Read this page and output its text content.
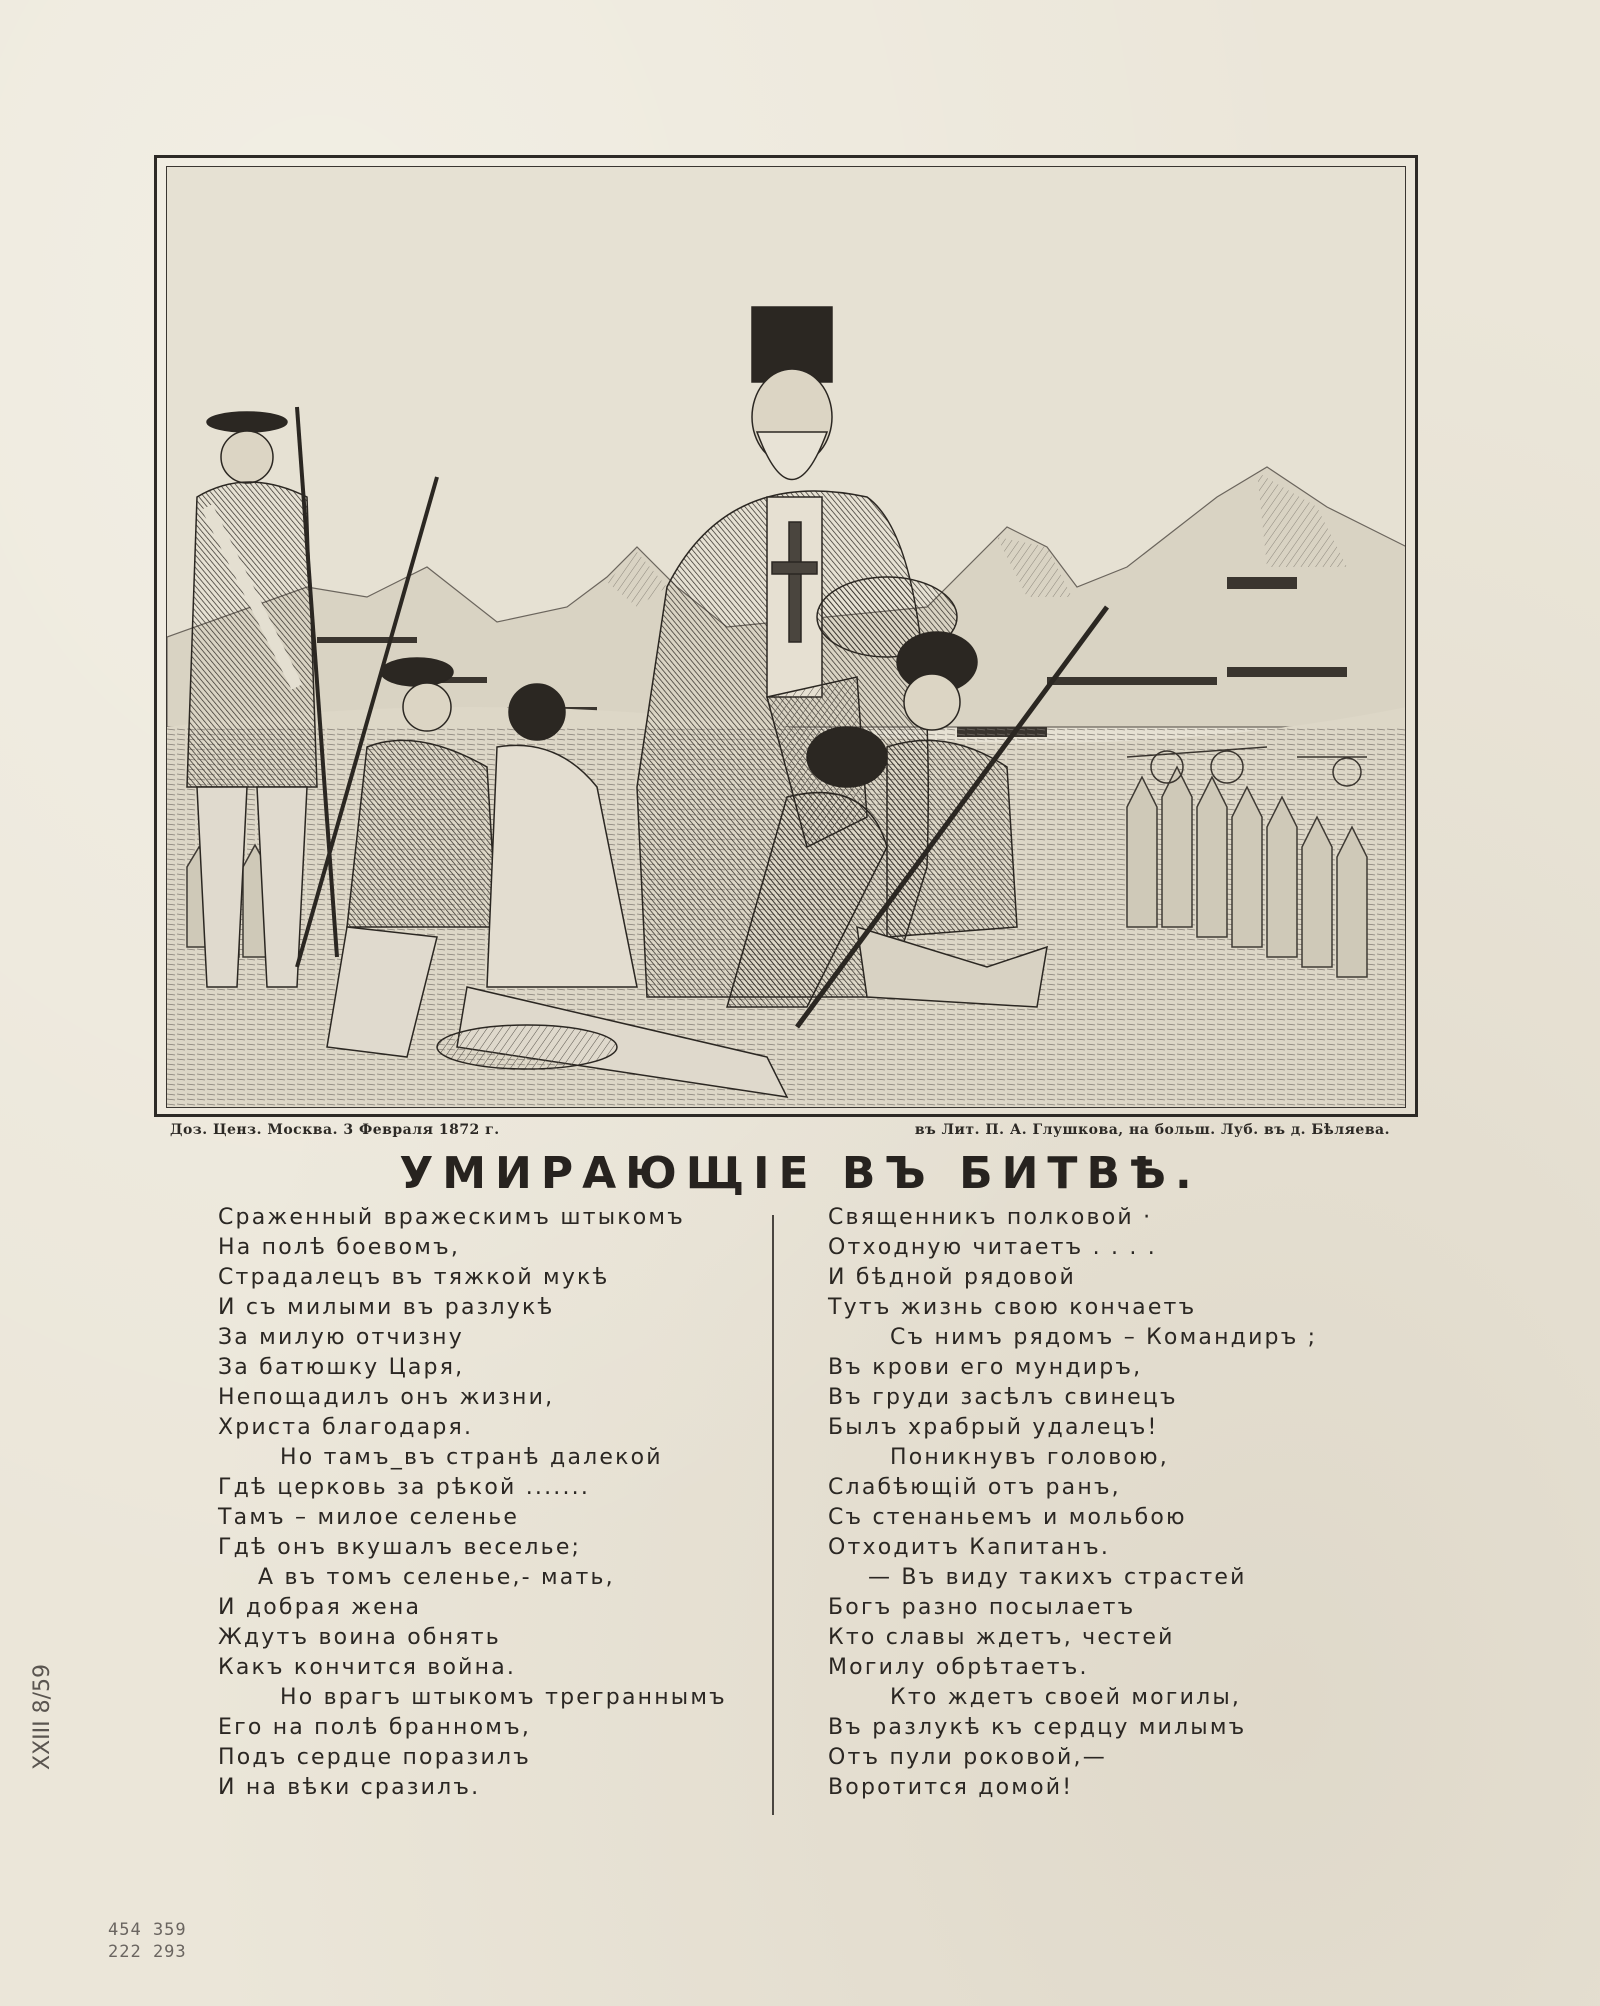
Доз. Ценз. Москва. 3 Февраля 1872 г.	въ Лит. П. А. Глушкова, на больш. Луб. въ д. Бѣляева.
УМИРАЮЩІЕ ВЪ БИТВѢ.
Сраженный вражескимъ штыкомъ
На полѣ боевомъ,
Страдалецъ въ тяжкой мукѣ
И съ милыми въ разлукѣ
За милую отчизну
За батюшку Царя,
Непощадилъ онъ жизни,
Христа благодаря.
Но тамъ_въ странѣ далекой
Гдѣ церковь за рѣкой .......
Тамъ – милое селенье
Гдѣ онъ вкушалъ веселье;
А въ томъ селенье,- мать,
И добрая жена
Ждутъ воина обнять
Какъ кончится война.
Но врагъ штыкомъ треграннымъ
Его на полѣ бранномъ,
Подъ сердце поразилъ
И на вѣки сразилъ.
Священникъ полковой ·
Отходную читаетъ . . . .
И бѣдной рядовой
Тутъ жизнь свою кончаетъ
Съ нимъ рядомъ – Командиръ ;
Въ крови его мундиръ,
Въ груди засѣлъ свинецъ
Былъ храбрый удалецъ!
Поникнувъ головою,
Слабѣющій отъ ранъ,
Съ стенаньемъ и мольбою
Отходитъ Капитанъ.
— Въ виду такихъ страстей
Богъ разно посылаетъ
Кто славы ждетъ, честей
Могилу обрѣтаетъ.
Кто ждетъ своей могилы,
Въ разлукѣ къ сердцу милымъ
Отъ пули роковой,—
Воротится домой!
XXIII 8/59
454 359
222 293
